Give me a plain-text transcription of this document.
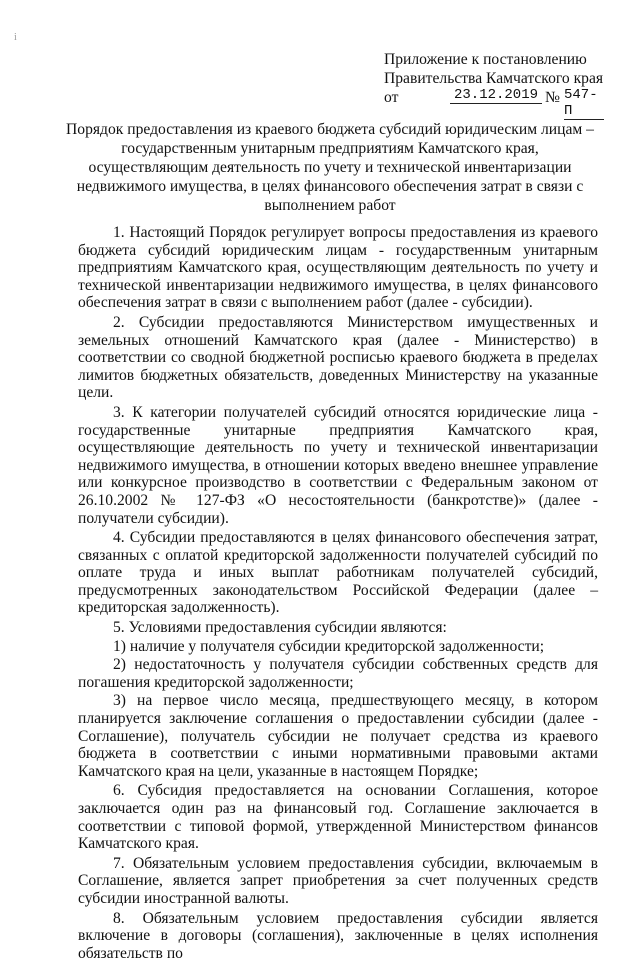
i
Приложение к постановлению
Правительства Камчатского края
от	23.12.2019 № 547-П
Порядок предоставления из краевого бюджета субсидий юридическим лицам – государственным унитарным предприятиям Камчатского края, осуществляющим деятельность по учету и технической инвентаризации недвижимого имущества, в целях финансового обеспечения затрат в связи с выполнением работ

1. Настоящий Порядок регулирует вопросы предоставления из краевого бюджета субсидий юридическим лицам - государственным унитарным предприятиям Камчатского края, осуществляющим деятельность по учету и технической инвентаризации недвижимого имущества, в целях финансового обеспечения затрат в связи с выполнением работ (далее - субсидии).

2. Субсидии предоставляются Министерством имущественных и земельных отношений Камчатского края (далее - Министерство) в соответствии со сводной бюджетной росписью краевого бюджета в пределах лимитов бюджетных обязательств, доведенных Министерству на указанные цели.

3. К категории получателей субсидий относятся юридические лица - государственные унитарные предприятия Камчатского края, осуществляющие деятельность по учету и технической инвентаризации недвижимого имущества, в отношении которых введено внешнее управление или конкурсное производство в соответствии с Федеральным законом от 26.10.2002 № 127-ФЗ «О несостоятельности (банкротстве)» (далее - получатели субсидии).

4. Субсидии предоставляются в целях финансового обеспечения затрат, связанных с оплатой кредиторской задолженности получателей субсидий по оплате труда и иных выплат работникам получателей субсидий, предусмотренных законодательством Российской Федерации (далее – кредиторская задолженность).

5. Условиями предоставления субсидии являются:

1) наличие у получателя субсидии кредиторской задолженности;

2) недостаточность у получателя субсидии собственных средств для погашения кредиторской задолженности;

3) на первое число месяца, предшествующего месяцу, в котором планируется заключение соглашения о предоставлении субсидии (далее - Соглашение), получатель субсидии не получает средства из краевого бюджета в соответствии с иными нормативными правовыми актами Камчатского края на цели, указанные в настоящем Порядке;

6. Субсидия предоставляется на основании Соглашения, которое заключается один раз на финансовый год. Соглашение заключается в соответствии с типовой формой, утвержденной Министерством финансов Камчатского края.

7. Обязательным условием предоставления субсидии, включаемым в Соглашение, является запрет приобретения за счет полученных средств субсидии иностранной валюты.

8. Обязательным условием предоставления субсидии является включение в договоры (соглашения), заключенные в целях исполнения обязательств по
